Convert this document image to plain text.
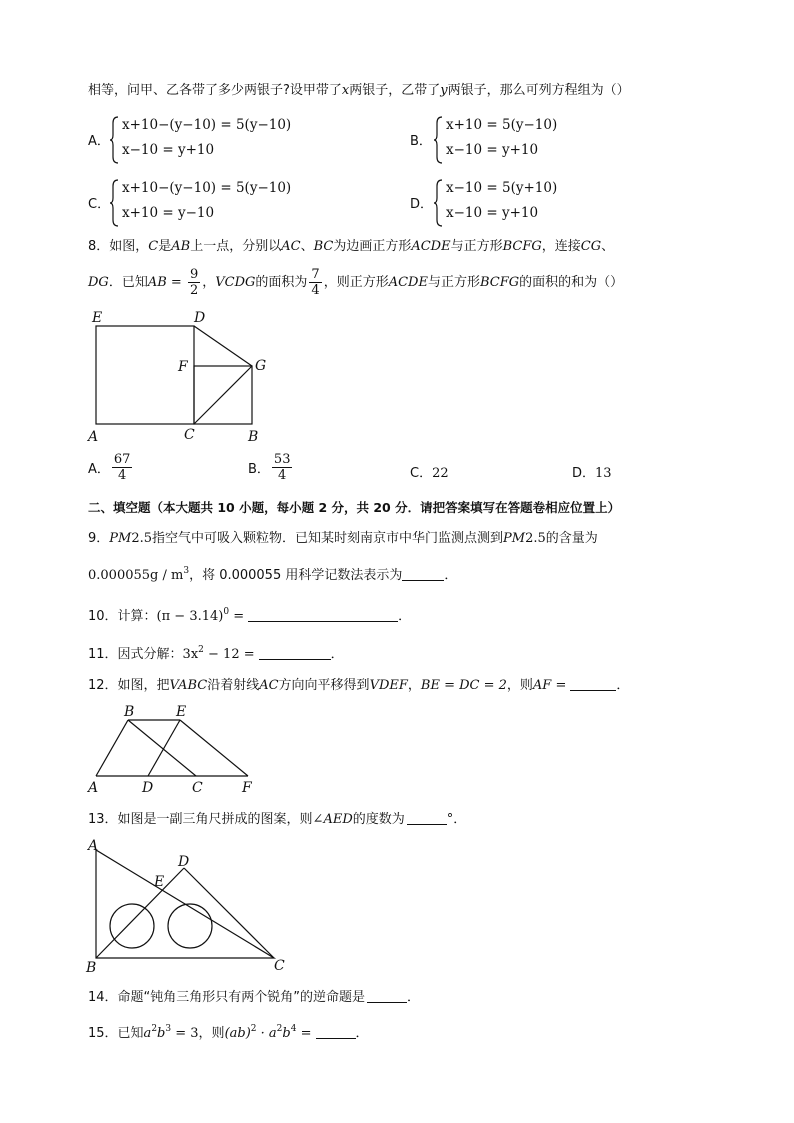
相等，问甲、乙各带了多少两银子?设甲带了x两银子，乙带了y两银子，那么可列方程组为（）
A．
x+10−(y−10) = 5(y−10)
x−10 = y+10
B．
x+10 = 5(y−10)
x−10 = y+10
C．
x+10−(y−10) = 5(y−10)
x+10 = y−10
D．
x−10 = 5(y+10)
x−10 = y+10
8．如图，C是AB上一点，分别以AC、BC为边画正方形ACDE与正方形BCFG，连接CG、
DG．已知AB = $\frac{9}{2}$ ，VCDG的面积为 $\frac{7}{4}$ ，则正方形ACDE与正方形BCFG的面积的和为（）
E	D
F	G
A	C	B
A． $\frac{67}{4}$	B． $\frac{53}{4}$	C．22	D．13
二、填空题（本大题共 10 小题，每小题 2 分，共 20 分．请把答案填写在答题卷相应位置上）
9．PM2.5指空气中可吸入颗粒物．已知某时刻南京市中华门监测点测到PM2.5的含量为
$0.000055g / m^3$，将 0.000055 用科学记数法表示为	．
10．计算：$(\pi - 3.14)^0$ =	．
11．因式分解：$3x^2 - 12$ =	．
12．如图，把VABC沿着射线AC方向向平移得到VDEF，BE = DC = 2，则AF =	．
B	E
A	D	C	F
13．如图是一副三角尺拼成的图案，则∠AED的度数为	°．
A
D
E
B	C
14．命题“钝角三角形只有两个锐角”的逆命题是	．
15．已知$a^2b^3 = 3$，则$(ab)^2 \cdot a^2b^4$ =	．
